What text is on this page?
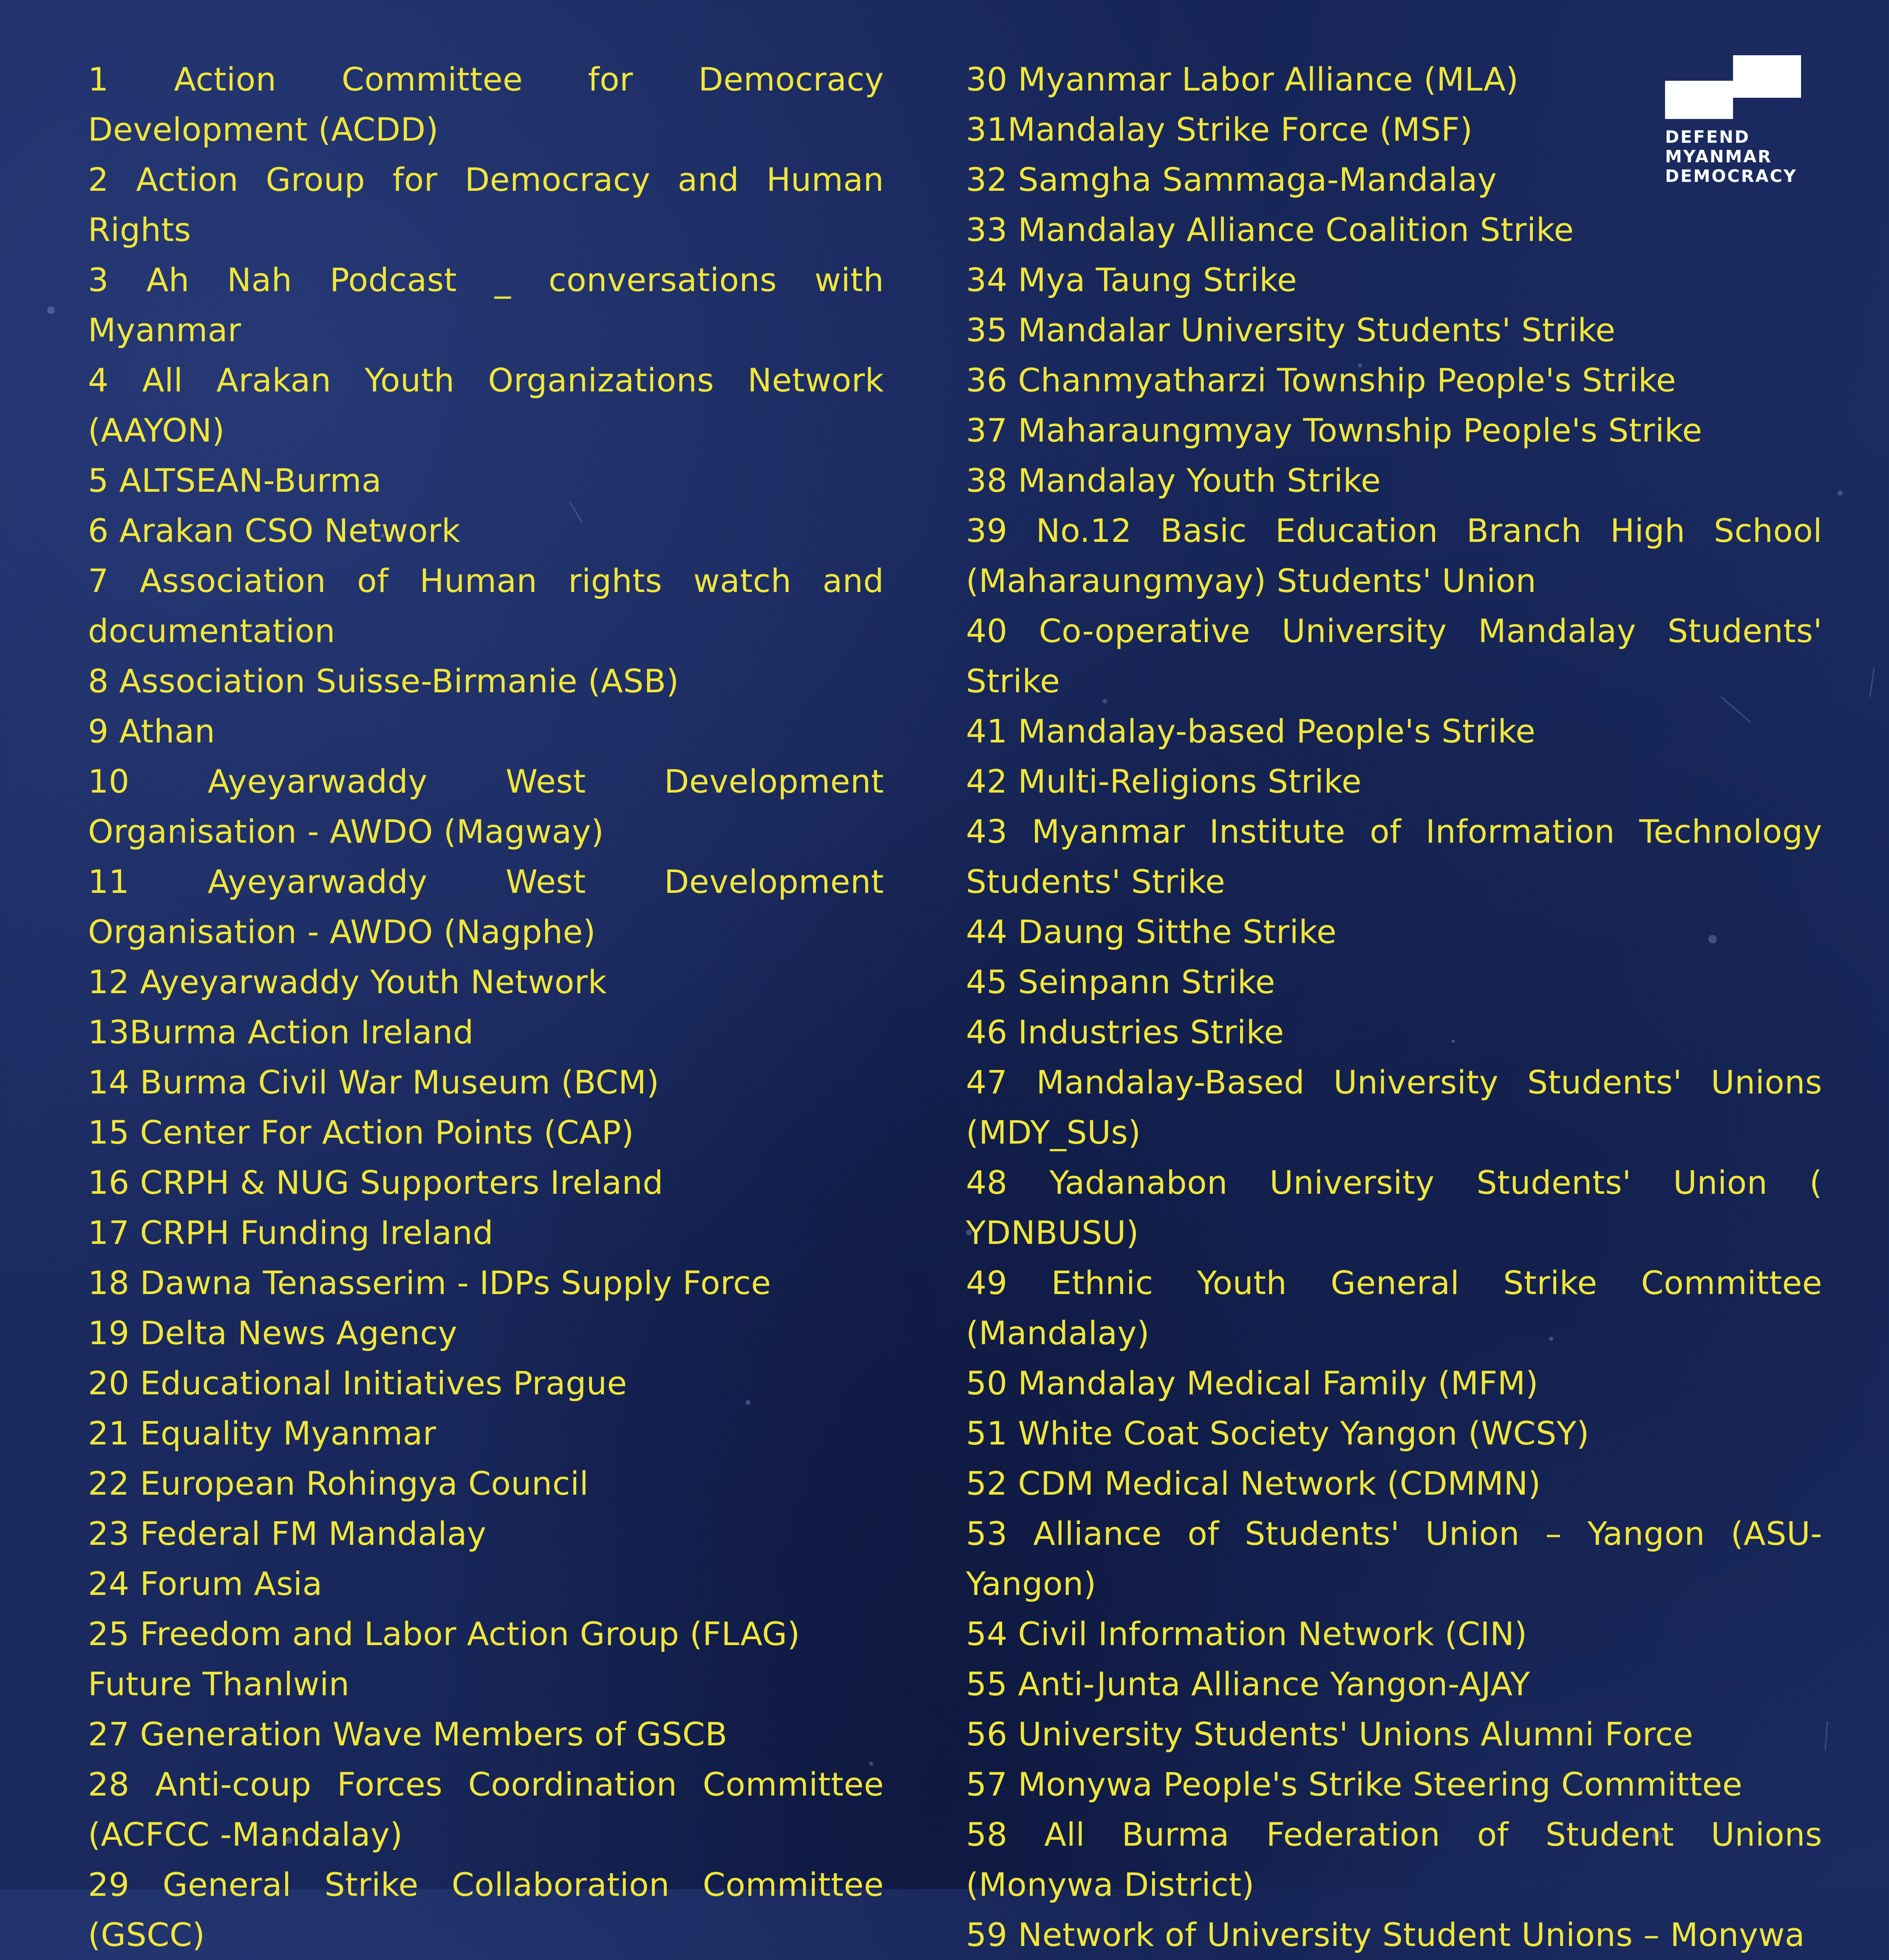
1 Action Committee for Democracy Development (ACDD)

2 Action Group for Democracy and Human Rights

3 Ah Nah Podcast _ conversations with Myanmar

4 All Arakan Youth Organizations Network (AAYON)

5 ALTSEAN-Burma

6 Arakan CSO Network

7 Association of Human rights watch and documentation

8 Association Suisse-Birmanie (ASB)

9 Athan

10 Ayeyarwaddy West Development Organisation - AWDO (Magway)

11 Ayeyarwaddy West Development Organisation - AWDO (Nagphe)

12 Ayeyarwaddy Youth Network

13Burma Action Ireland

14 Burma Civil War Museum (BCM)

15 Center For Action Points (CAP)

16 CRPH & NUG Supporters Ireland

17 CRPH Funding Ireland

18 Dawna Tenasserim - IDPs Supply Force

19 Delta News Agency

20 Educational Initiatives Prague

21 Equality Myanmar

22 European Rohingya Council

23 Federal FM Mandalay

24 Forum Asia

25 Freedom and Labor Action Group (FLAG)

Future Thanlwin

27 Generation Wave Members of GSCB

28 Anti-coup Forces Coordination Committee (ACFCC -Mandalay)

29 General Strike Collaboration Committee (GSCC)

30 Myanmar Labor Alliance (MLA)

31Mandalay Strike Force (MSF)

32 Samgha Sammaga-Mandalay

33 Mandalay Alliance Coalition Strike

34 Mya Taung Strike

35 Mandalar University Students' Strike

36 Chanmyatharzi Township People's Strike

37 Maharaungmyay Township People's Strike

38 Mandalay Youth Strike

39 No.12 Basic Education Branch High School (Maharaungmyay) Students' Union

40 Co-operative University Mandalay Students' Strike

41 Mandalay-based People's Strike

42 Multi-Religions Strike

43 Myanmar Institute of Information Technology Students' Strike

44 Daung Sitthe Strike

45 Seinpann Strike

46 Industries Strike

47 Mandalay-Based University Students' Unions (MDY_SUs)

48 Yadanabon University Students' Union ( YDNBUSU)

49 Ethnic Youth General Strike Committee (Mandalay)

50 Mandalay Medical Family (MFM)

51 White Coat Society Yangon (WCSY)

52 CDM Medical Network (CDMMN)

53 Alliance of Students' Union – Yangon (ASU-Yangon)

54 Civil Information Network (CIN)

55 Anti-Junta Alliance Yangon-AJAY

56 University Students' Unions Alumni Force

57 Monywa People's Strike Steering Committee

58 All Burma Federation of Student Unions (Monywa District)

59 Network of University Student Unions – Monywa

DEFEND
MYANMAR
DEMOCRACY
